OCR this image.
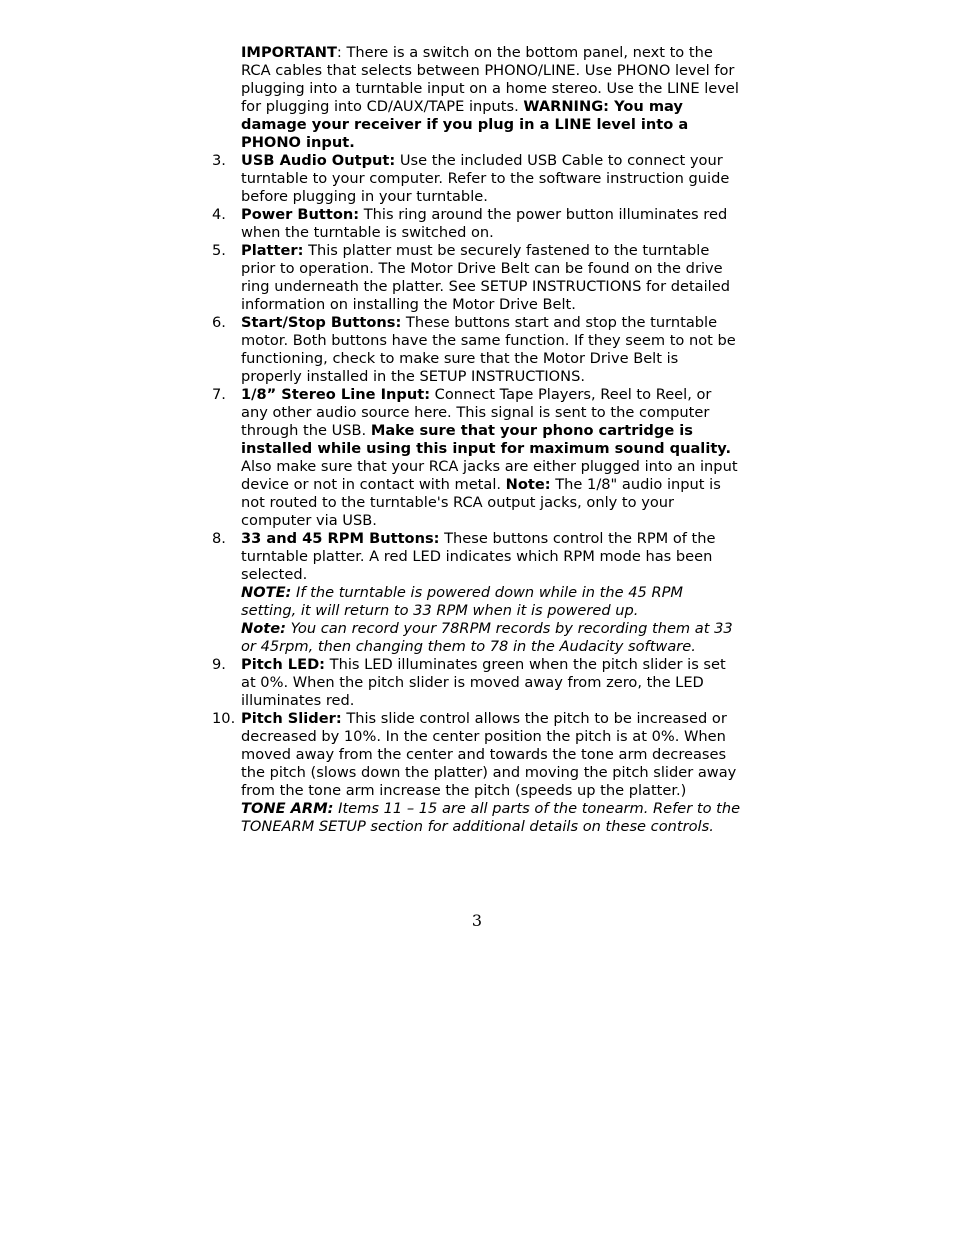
IMPORTANT: There is a switch on the bottom panel, next to the RCA cables that selects between PHONO/LINE. Use PHONO level for plugging into a turntable input on a home stereo. Use the LINE level for plugging into CD/AUX/TAPE inputs. WARNING: You may damage your receiver if you plug in a LINE level into a PHONO input.

3.	USB Audio Output: Use the included USB Cable to connect your turntable to your computer. Refer to the software instruction guide before plugging in your turntable.
4.	Power Button: This ring around the power button illuminates red when the turntable is switched on.
5.	Platter: This platter must be securely fastened to the turntable prior to operation. The Motor Drive Belt can be found on the drive ring underneath the platter. See SETUP INSTRUCTIONS for detailed information on installing the Motor Drive Belt.
6.	Start/Stop Buttons: These buttons start and stop the turntable motor. Both buttons have the same function. If they seem to not be functioning, check to make sure that the Motor Drive Belt is properly installed in the SETUP INSTRUCTIONS.
7.	1/8” Stereo Line Input: Connect Tape Players, Reel to Reel, or any other audio source here. This signal is sent to the computer through the USB. Make sure that your phono cartridge is installed while using this input for maximum sound quality. Also make sure that your RCA jacks are either plugged into an input device or not in contact with metal. Note: The 1/8" audio input is not routed to the turntable's RCA output jacks, only to your computer via USB.
8.	33 and 45 RPM Buttons: These buttons control the RPM of the turntable platter. A red LED indicates which RPM mode has been selected.
NOTE: If the turntable is powered down while in the 45 RPM setting, it will return to 33 RPM when it is powered up.
Note: You can record your 78RPM records by recording them at 33 or 45rpm, then changing them to 78 in the Audacity software.
9.	Pitch LED: This LED illuminates green when the pitch slider is set at 0%. When the pitch slider is moved away from zero, the LED illuminates red.
10. Pitch Slider: This slide control allows the pitch to be increased or decreased by 10%. In the center position the pitch is at 0%. When moved away from the center and towards the tone arm decreases the pitch (slows down the platter) and moving the pitch slider away from the tone arm increase the pitch (speeds up the platter.)
TONE ARM: Items 11 – 15 are all parts of the tonearm. Refer to the TONEARM SETUP section for additional details on these controls.
3
